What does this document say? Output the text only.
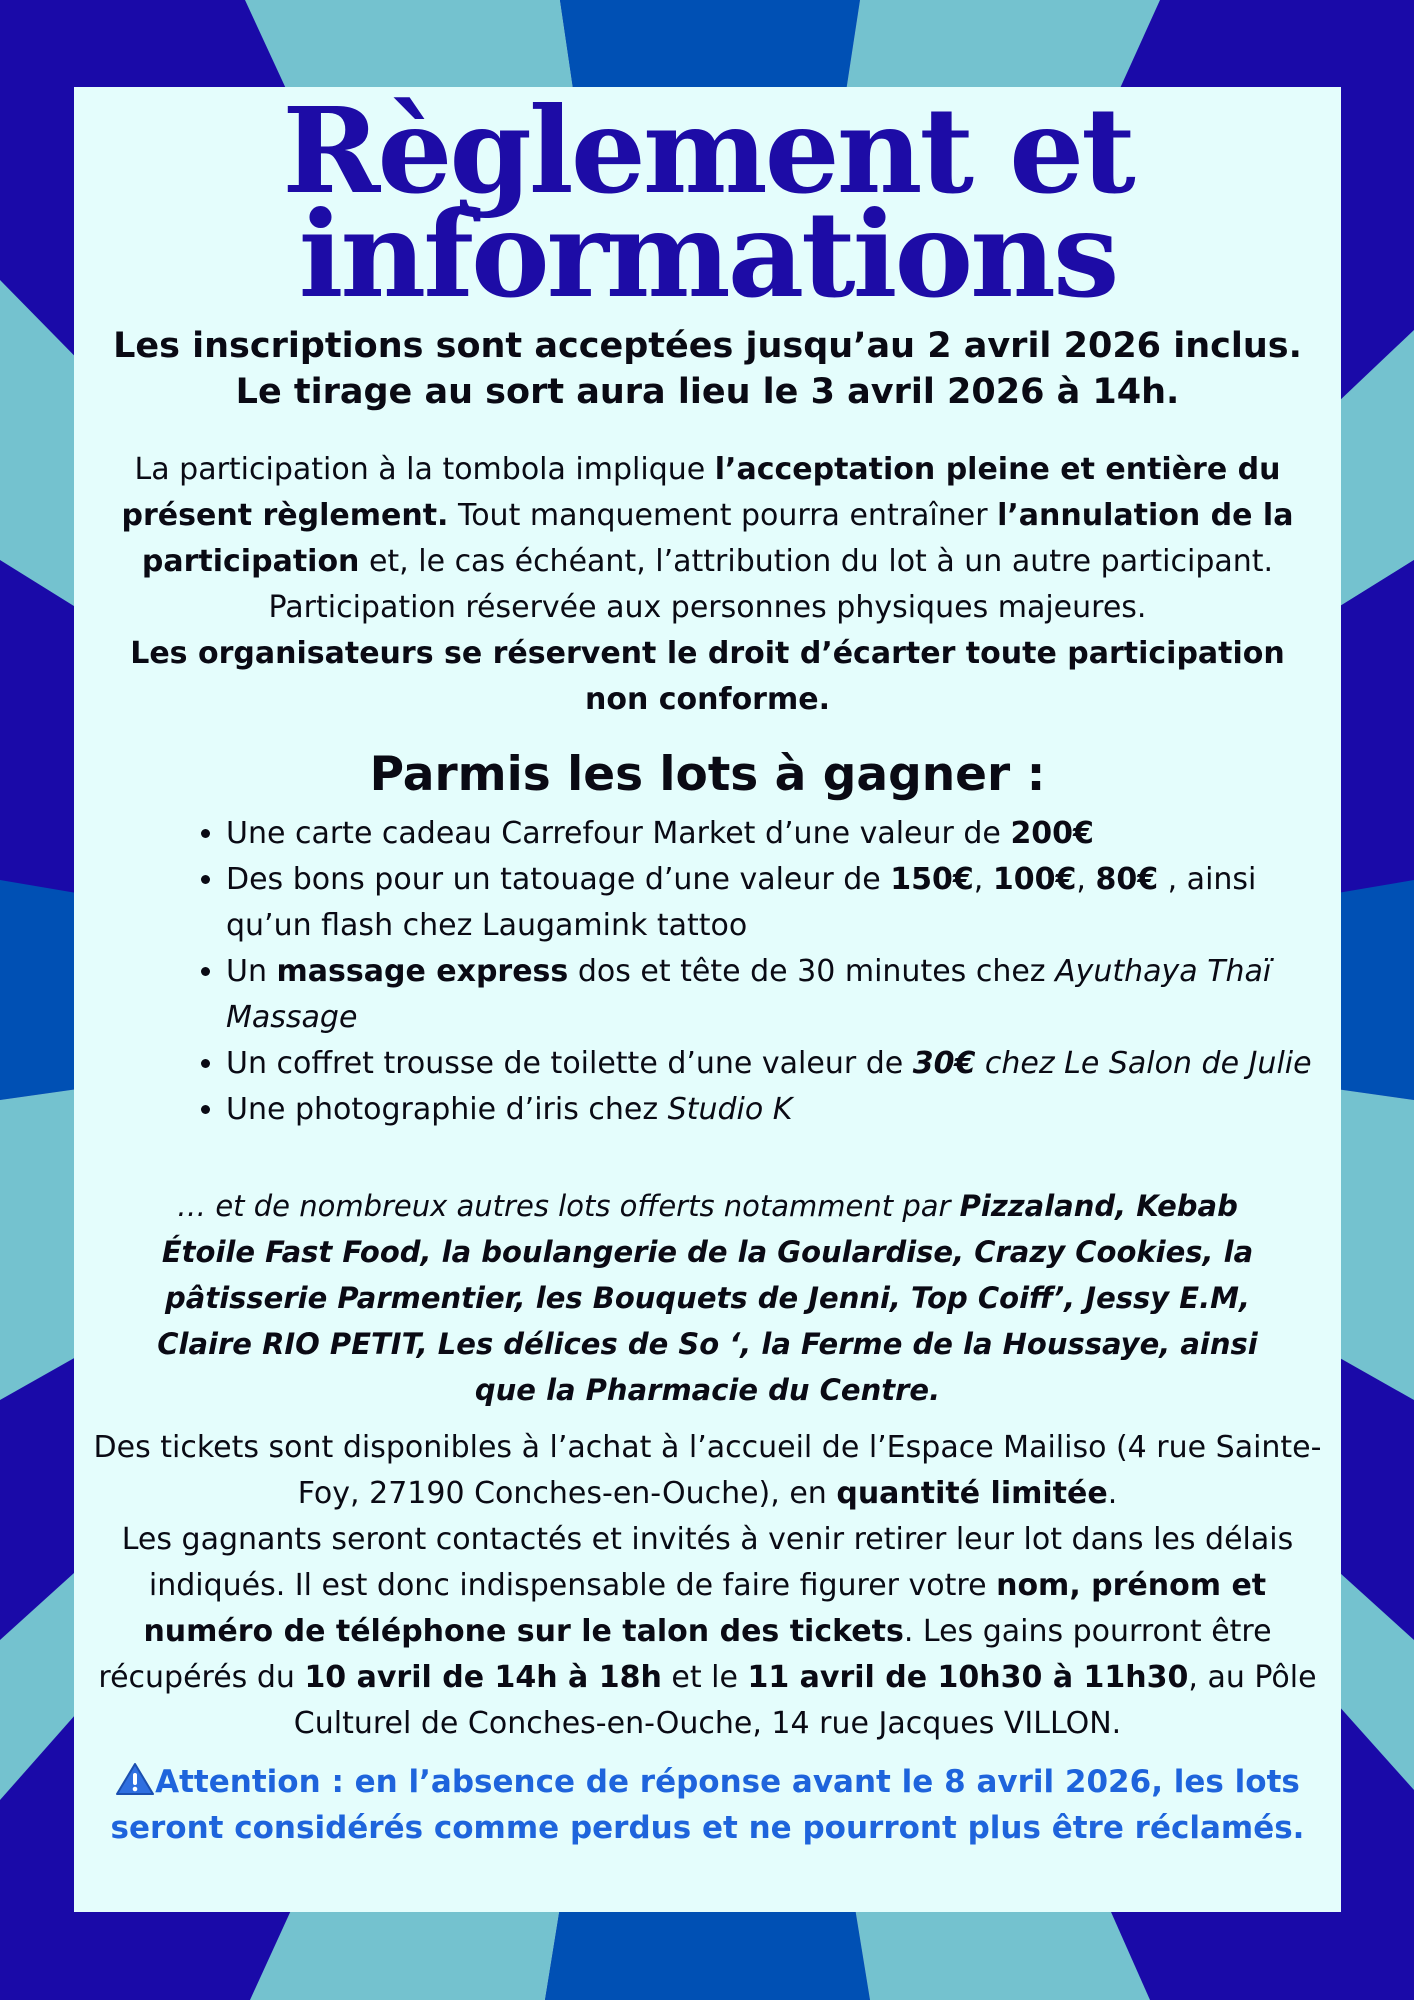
Règlement et
informations

Les inscriptions sont acceptées jusqu’au 2 avril 2026 inclus.

Le tirage au sort aura lieu le 3 avril 2026 à 14h.

La participation à la tombola implique l’acceptation pleine et entière du présent règlement. Tout manquement pourra entraîner l’annulation de la participation et, le cas échéant, l’attribution du lot à un autre participant.

Participation réservée aux personnes physiques majeures.

Les organisateurs se réservent le droit d’écarter toute participation non conforme.

Parmis les lots à gagner :
• Une carte cadeau Carrefour Market d’une valeur de 200€
• Des bons pour un tatouage d’une valeur de 150€, 100€, 80€ , ainsi qu’un flash chez Laugamink tattoo
• Un massage express dos et tête de 30 minutes chez Ayuthaya Thaï Massage
• Un coffret trousse de toilette d’une valeur de 30€ chez Le Salon de Julie
• Une photographie d’iris chez Studio K

… et de nombreux autres lots offerts notamment par Pizzaland, Kebab Étoile Fast Food, la boulangerie de la Goulardise, Crazy Cookies, la pâtisserie Parmentier, les Bouquets de Jenni, Top Coiff’, Jessy E.M, Claire RIO PETIT, Les délices de So ‘, la Ferme de la Houssaye, ainsi que la Pharmacie du Centre.

Des tickets sont disponibles à l’achat à l’accueil de l’Espace Mailiso (4 rue Sainte-Foy, 27190 Conches-en-Ouche), en quantité limitée.

Les gagnants seront contactés et invités à venir retirer leur lot dans les délais indiqués. Il est donc indispensable de faire figurer votre nom, prénom et numéro de téléphone sur le talon des tickets. Les gains pourront être récupérés du 10 avril de 14h à 18h et le 11 avril de 10h30 à 11h30, au Pôle Culturel de Conches-en-Ouche, 14 rue Jacques VILLON.

Attention : en l’absence de réponse avant le 8 avril 2026, les lots seront considérés comme perdus et ne pourront plus être réclamés.
